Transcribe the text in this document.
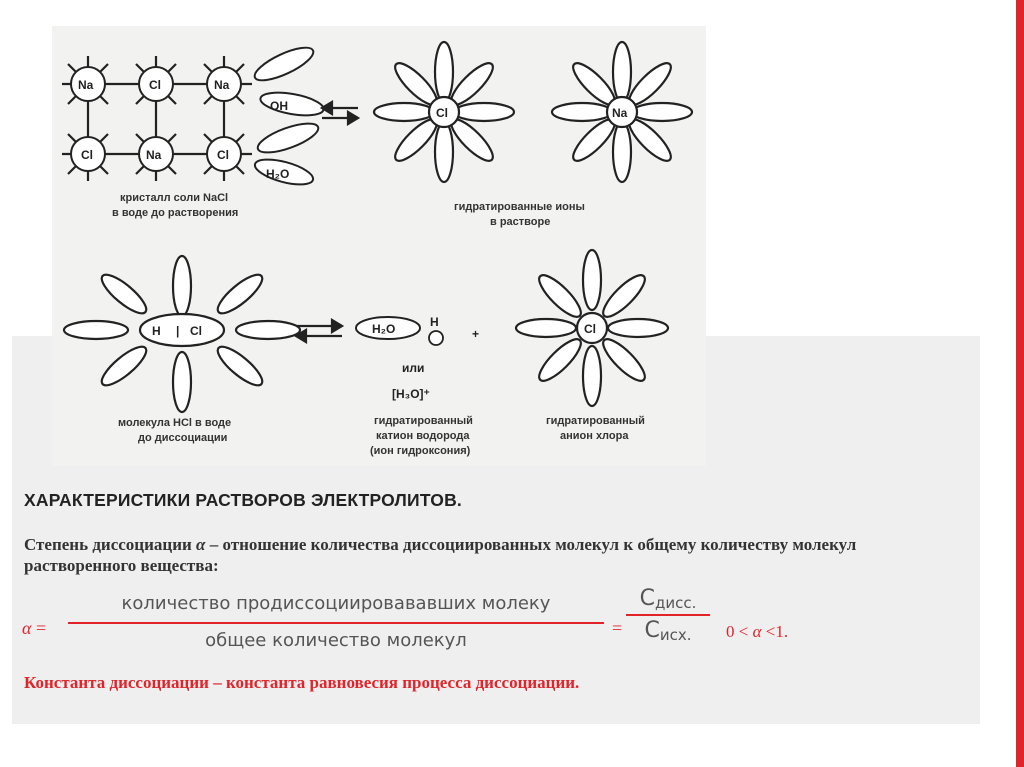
Na	Cl	Na
Cl	Na	Cl
OH
H₂O
Cl	Na
кристалл соли NaCl
в воде до растворения	гидратированные ионы
в растворе
H | Cl	H₂O	H
+
или
[H₃O]⁺
Cl
молекула HCl в воде
до диссоциации
гидратированный
катион водорода
(ион гидроксония)
гидратированный
анион хлора
ХАРАКТЕРИСТИКИ РАСТВОРОВ ЭЛЕКТРОЛИТОВ.
Степень диссоциации α – отношение количества диссоциированных молекул к общему количеству молекул растворенного вещества:
α =
количество продиссоциировававших молеку
общее количество молекул
=
$C_{дисс.}$
$C_{исх.}$	0 < α <1.
Константа диссоциации – константа равновесия процесса диссоциации.
